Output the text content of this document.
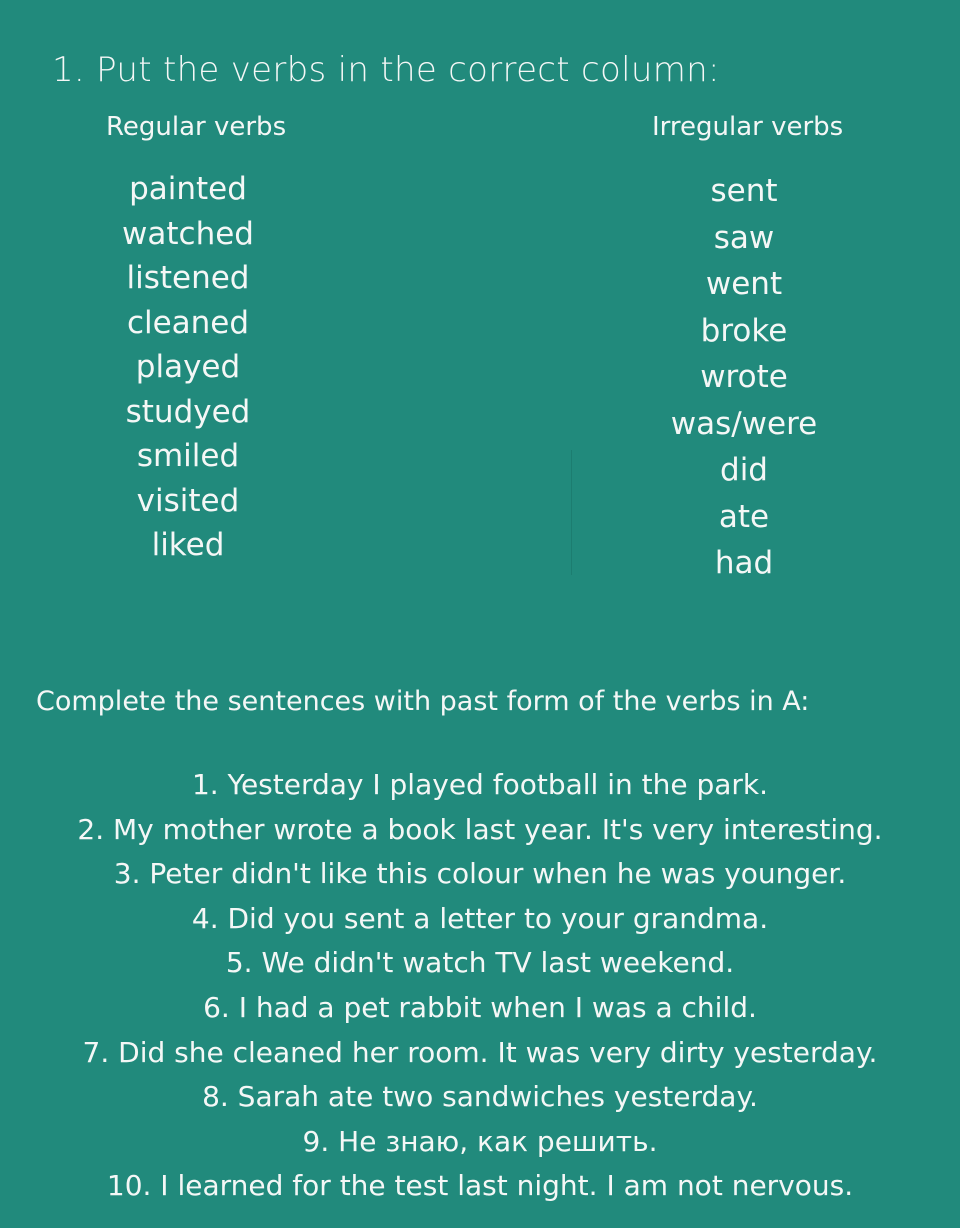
1. Put the verbs in the correct column:
Regular verbs	Irregular verbs
painted
watched
listened
cleaned
played
studyed
smiled
visited
liked
sent
saw
went
broke
wrote
was/were
did
ate
had
Complete the sentences with past form of the verbs in A:
1. Yesterday I played football in the park.
2. My mother wrote a book last year. It's very interesting.
3. Peter didn't like this colour when he was younger.
4. Did you sent a letter to your grandma.
5. We didn't watch TV last weekend.
6. I had a pet rabbit when I was a child.
7. Did she cleaned her room. It was very dirty yesterday.
8. Sarah ate two sandwiches yesterday.
9. Не знаю, как решить.
10. I learned for the test last night. I am not nervous.
